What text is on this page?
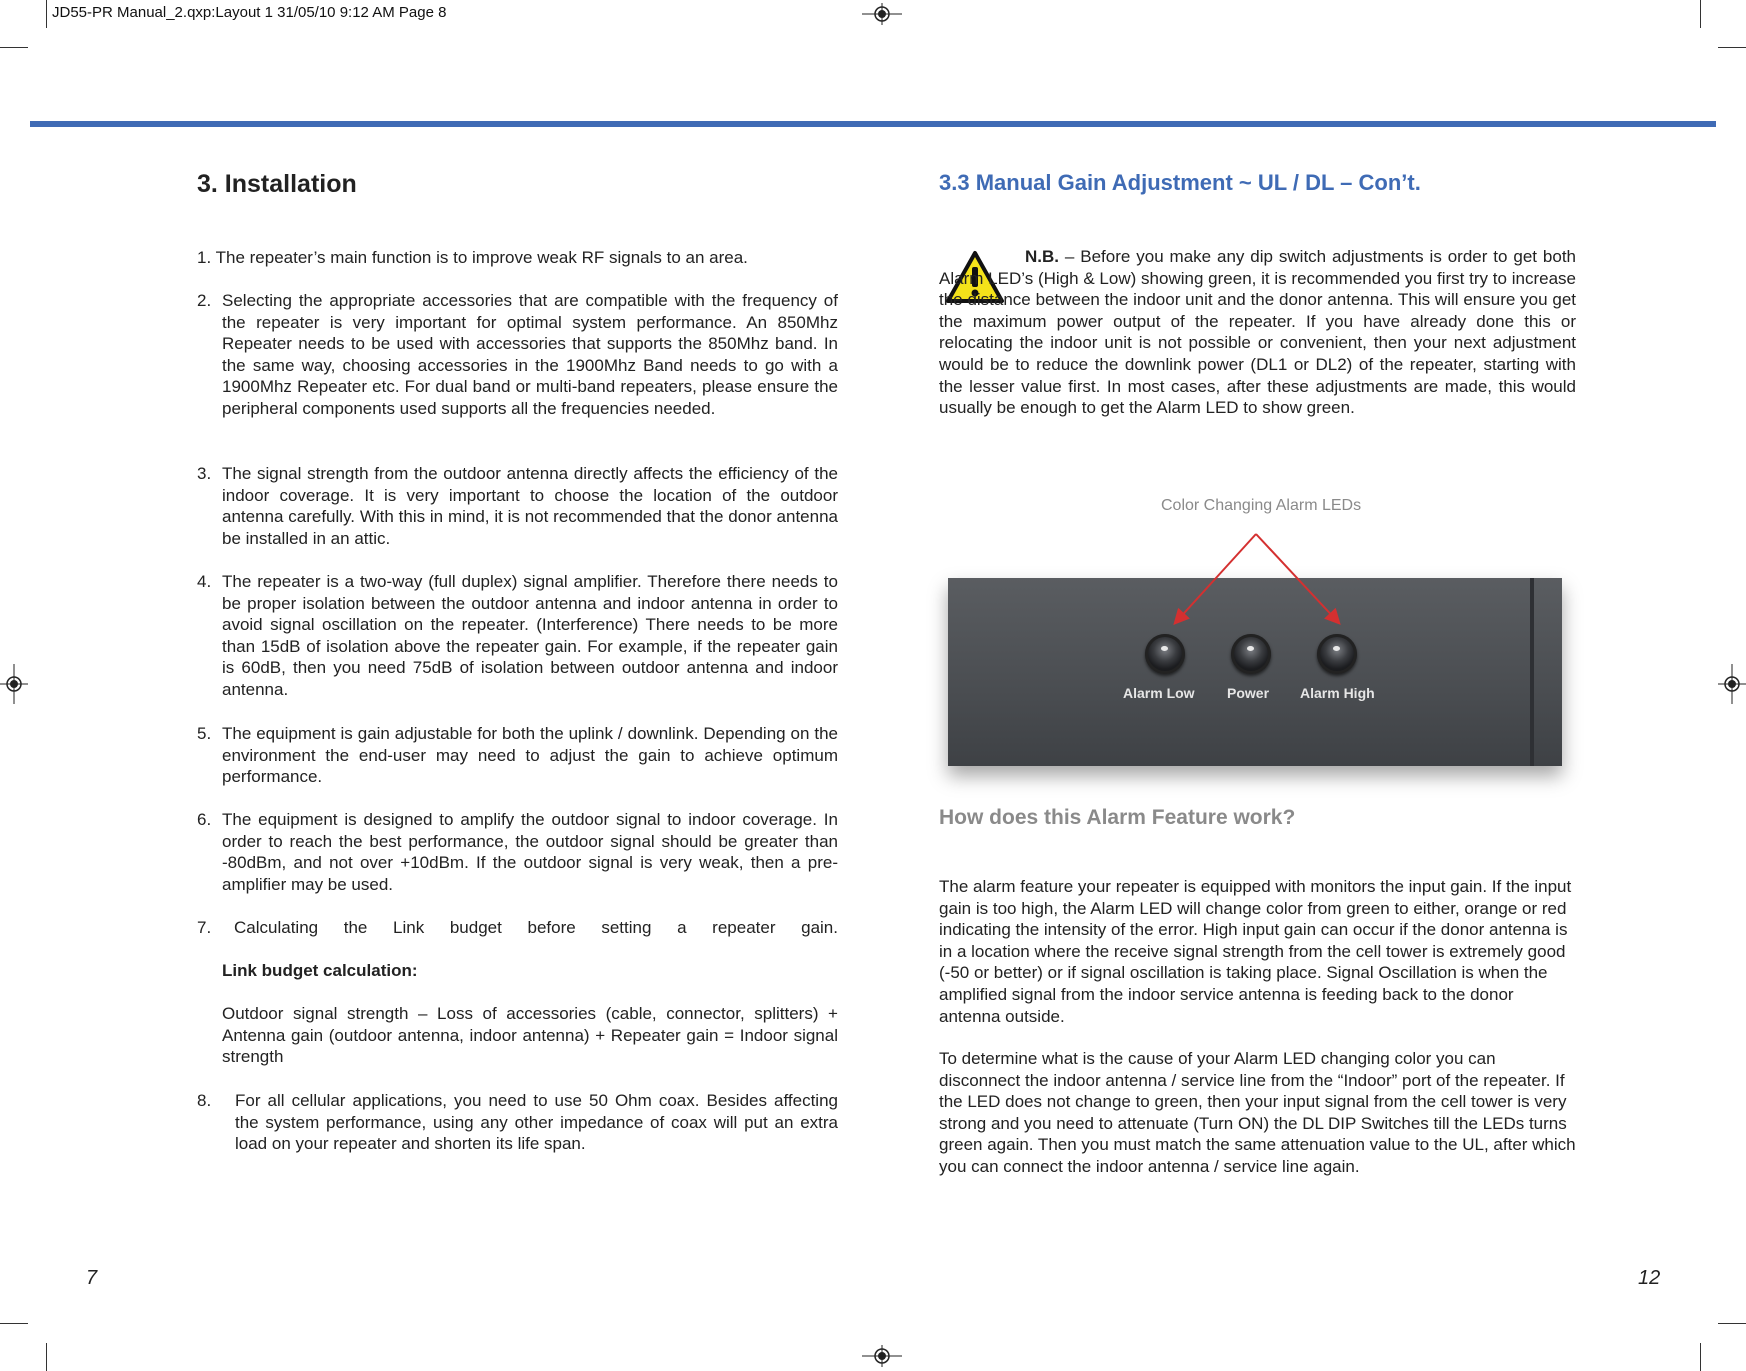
JD55-PR Manual_2.qxp:Layout 1 31/05/10 9:12 AM Page 8
3. Installation
1. The repeater’s main function is to improve weak RF signals to an area.
2. Selecting the appropriate accessories that are compatible with the frequency of the repeater is very important for optimal system performance. An 850Mhz Repeater needs to be used with accessories that supports the 850Mhz band. In the same way, choosing accessories in the 1900Mhz Band needs to go with a 1900Mhz Repeater etc. For dual band or multi-band repeaters, please ensure the peripheral components used supports all the frequencies needed.
3. The signal strength from the outdoor antenna directly affects the efficiency of the indoor coverage. It is very important to choose the location of the outdoor antenna carefully. With this in mind, it is not recommended that the donor antenna be installed in an attic.
4. The repeater is a two-way (full duplex) signal amplifier. Therefore there needs to be proper isolation between the outdoor antenna and indoor antenna in order to avoid signal oscillation on the repeater. (Interference) There needs to be more than 15dB of isolation above the repeater gain. For example, if the repeater gain is 60dB, then you need 75dB of isolation between outdoor antenna and indoor antenna.
5. The equipment is gain adjustable for both the uplink / downlink. Depending on the environment the end-user may need to adjust the gain to achieve optimum performance.
6. The equipment is designed to amplify the outdoor signal to indoor coverage. In order to reach the best performance, the outdoor signal should be greater than -80dBm, and not over +10dBm. If the outdoor signal is very weak, then a pre-amplifier may be used.
7.	Calculating the Link budget before setting a repeater gain.
Link budget calculation:
Outdoor signal strength – Loss of accessories (cable, connector, splitters) + Antenna gain (outdoor antenna, indoor antenna) + Repeater gain = Indoor signal strength
8.	For all cellular applications, you need to use 50 Ohm coax. Besides affecting the system performance, using any other impedance of coax will put an extra load on your repeater and shorten its life span.
7
3.3 Manual Gain Adjustment ~ UL / DL – Con’t.
N.B. – Before you make any dip switch adjustments is order to get both Alarm LED’s (High & Low) showing green, it is recommended you first try to increase the distance between the indoor unit and the donor antenna. This will ensure you get the maximum power output of the repeater. If you have already done this or relocating the indoor unit is not possible or convenient, then your next adjustment would be to reduce the downlink power (DL1 or DL2) of the repeater, starting with the lesser value first. In most cases, after these adjustments are made, this would usually be enough to get the Alarm LED to show green.
Color Changing Alarm LEDs
Alarm Low Power Alarm High
How does this Alarm Feature work?
The alarm feature your repeater is equipped with monitors the input gain. If the input gain is too high, the Alarm LED will change color from green to either, orange or red indicating the intensity of the error. High input gain can occur if the donor antenna is in a location where the receive signal strength from the cell tower is extremely good (-50 or better) or if signal oscillation is taking place. Signal Oscillation is when the amplified signal from the indoor service antenna is feeding back to the donor antenna outside.
To determine what is the cause of your Alarm LED changing color you can disconnect the indoor antenna / service line from the “Indoor” port of the repeater. If the LED does not change to green, then your input signal from the cell tower is very strong and you need to attenuate (Turn ON) the DL DIP Switches till the LEDs turns green again. Then you must match the same attenuation value to the UL, after which you can connect the indoor antenna / service line again.
12
